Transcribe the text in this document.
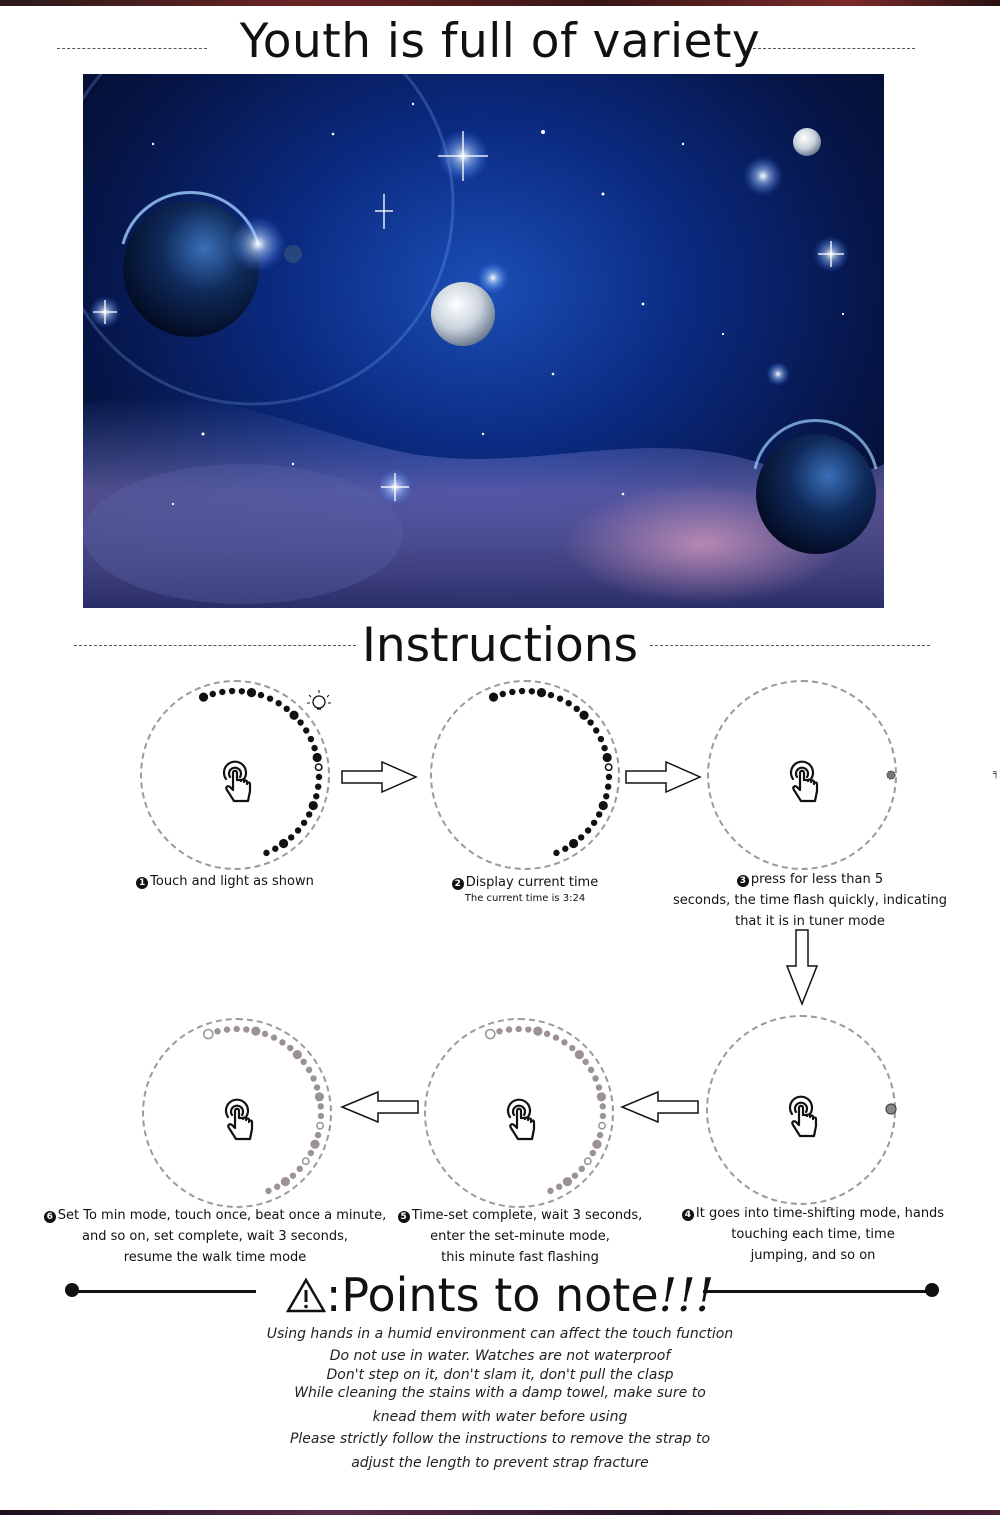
Youth is full of variety
Instructions
1 Touch and light as shown	2 Display current time
The current time is 3:24
3 press for less than 5
seconds, the time flash quickly, indicating
that it is in tuner mode
4 It goes into time-shifting mode, hands
touching each time, time
jumping, and so on
5 Time-set complete, wait 3 seconds,
enter the set-minute mode,
this minute fast flashing
6 Set To min mode, touch once, beat once a minute,
and so on, set complete, wait 3 seconds,
resume the walk time mode
:Points to note!!!
Using hands in a humid environment can affect the touch function
Do not use in water. Watches are not waterproof
Don't step on it, don't slam it, don't pull the clasp
While cleaning the stains with a damp towel, make sure to
knead them with water before using
Please strictly follow the instructions to remove the strap to
adjust the length to prevent strap fracture
╕
